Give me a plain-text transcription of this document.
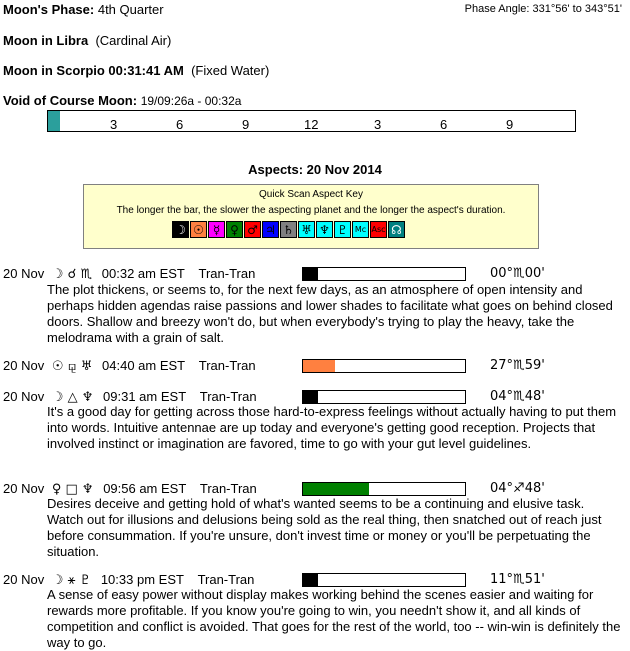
Moon's Phase: 4th Quarter	Phase Angle: 331°56' to 343°51'
Moon in Libra (Cardinal Air)
Moon in Scorpio 00:31:41 AM (Fixed Water)
Void of Course Moon: 19/09:26a - 00:32a
3	6	9	12	3	6	9
Aspects: 20 Nov 2014
Quick Scan Aspect Key
The longer the bar, the slower the aspecting planet and the longer the aspect's duration.
☽ ☉ ☿ ♀ ♂ ♃ ♄ ♅ ♆ ♇ Mc Asc ☊
20 Nov ☽ ☌ ♏ 00:32 am EST Tran-Tran	00°♏00'
The plot thickens, or seems to, for the next few days, as an atmosphere of open intensity and perhaps hidden agendas raise passions and lower shades to facilitate what goes on behind closed doors. Shallow and breezy won't do, but when everybody's trying to play the heavy, take the melodrama with a grain of salt.
20 Nov ☉ ⚼ ♅ 04:40 am EST Tran-Tran	27°♏59'
20 Nov ☽ △ ♆ 09:31 am EST Tran-Tran	04°♏48'
It's a good day for getting across those hard-to-express feelings without actually having to put them into words. Intuitive antennae are up today and everyone's getting good reception. Projects that involved instinct or imagination are favored, time to go with your gut level guidelines.
20 Nov ♀ □ ♆ 09:56 am EST Tran-Tran	04°♐48'
Desires deceive and getting hold of what's wanted seems to be a continuing and elusive task. Watch out for illusions and delusions being sold as the real thing, then snatched out of reach just before consummation. If you're unsure, don't invest time or money or you'll be perpetuating the situation.
20 Nov ☽ ⚹ ♇ 10:33 pm EST Tran-Tran	11°♏51'
A sense of easy power without display makes working behind the scenes easier and waiting for rewards more profitable. If you know you're going to win, you needn't show it, and all kinds of competition and conflict is avoided. That goes for the rest of the world, too -- win-win is definitely the way to go.
